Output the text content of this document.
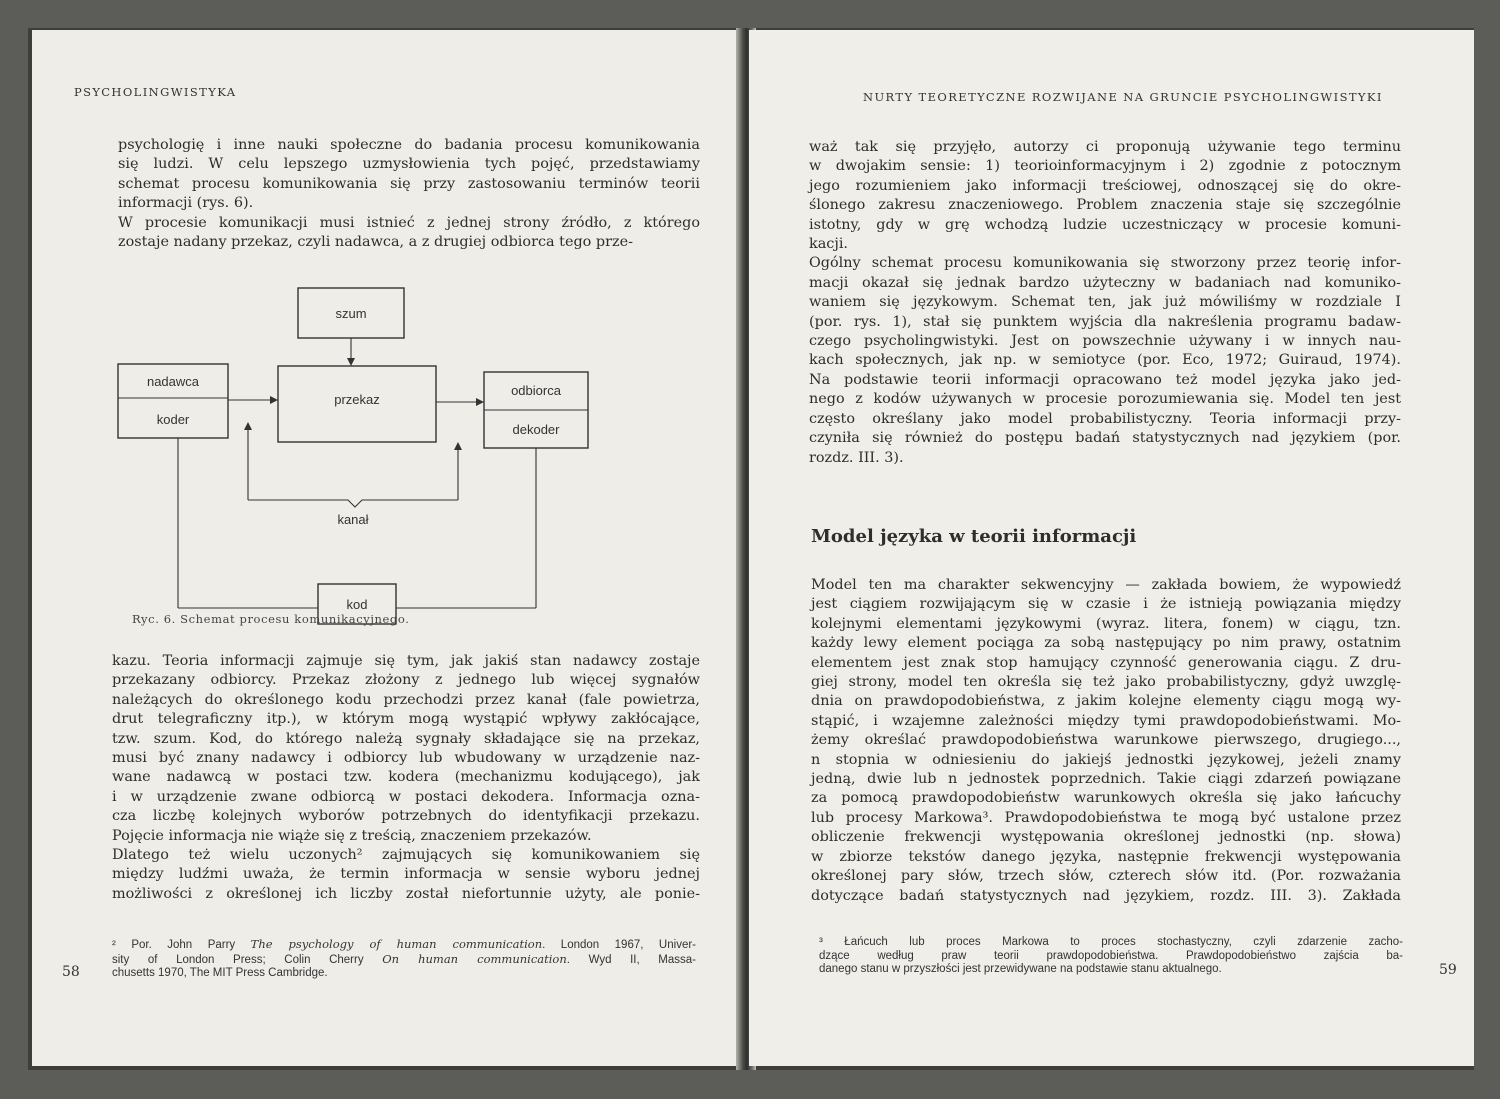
PSYCHOLINGWISTYKA
psychologię i inne nauki społeczne do badania procesu komunikowania
się ludzi. W celu lepszego uzmysłowienia tych pojęć, przedstawiamy
schemat procesu komunikowania się przy zastosowaniu terminów teorii
informacji (rys. 6).
W procesie komunikacji musi istnieć z jednej strony źródło, z którego
zostaje nadany przekaz, czyli nadawca, a z drugiej odbiorca tego prze-
szum
nadawca
koder
przekaz
odbiorca
dekoder
kanał
kod
Ryc. 6. Schemat procesu komunikacyjnego.
kazu. Teoria informacji zajmuje się tym, jak jakiś stan nadawcy zostaje
przekazany odbiorcy. Przekaz złożony z jednego lub więcej sygnałów
należących do określonego kodu przechodzi przez kanał (fale powietrza,
drut telegraficzny itp.), w którym mogą wystąpić wpływy zakłócające,
tzw. szum. Kod, do którego należą sygnały składające się na przekaz,
musi być znany nadawcy i odbiorcy lub wbudowany w urządzenie naz-
wane nadawcą w postaci tzw. kodera (mechanizmu kodującego), jak
i w urządzenie zwane odbiorcą w postaci dekodera. Informacja ozna-
cza liczbę kolejnych wyborów potrzebnych do identyfikacji przekazu.
Pojęcie informacja nie wiąże się z treścią, znaczeniem przekazów.
Dlatego też wielu uczonych² zajmujących się komunikowaniem się
między ludźmi uważa, że termin informacja w sensie wyboru jednej
możliwości z określonej ich liczby został niefortunnie użyty, ale ponie-
² Por. John Parry The psychology of human communication. London 1967, Univer-
sity of London Press; Colin Cherry On human communication. Wyd II, Massa-
chusetts 1970, The MIT Press Cambridge.
58
NURTY TEORETYCZNE ROZWIJANE NA GRUNCIE PSYCHOLINGWISTYKI
waż tak się przyjęło, autorzy ci proponują używanie tego terminu
w dwojakim sensie: 1) teorioinformacyjnym i 2) zgodnie z potocznym
jego rozumieniem jako informacji treściowej, odnoszącej się do okre-
ślonego zakresu znaczeniowego. Problem znaczenia staje się szczególnie
istotny, gdy w grę wchodzą ludzie uczestniczący w procesie komuni-
kacji.
Ogólny schemat procesu komunikowania się stworzony przez teorię infor-
macji okazał się jednak bardzo użyteczny w badaniach nad komuniko-
waniem się językowym. Schemat ten, jak już mówiliśmy w rozdziale I
(por. rys. 1), stał się punktem wyjścia dla nakreślenia programu badaw-
czego psycholingwistyki. Jest on powszechnie używany i w innych nau-
kach społecznych, jak np. w semiotyce (por. Eco, 1972; Guiraud, 1974).
Na podstawie teorii informacji opracowano też model języka jako jed-
nego z kodów używanych w procesie porozumiewania się. Model ten jest
często określany jako model probabilistyczny. Teoria informacji przy-
czyniła się również do postępu badań statystycznych nad językiem (por.
rozdz. III. 3).
Model języka w teorii informacji
Model ten ma charakter sekwencyjny — zakłada bowiem, że wypowiedź
jest ciągiem rozwijającym się w czasie i że istnieją powiązania między
kolejnymi elementami językowymi (wyraz. litera, fonem) w ciągu, tzn.
każdy lewy element pociąga za sobą następujący po nim prawy, ostatnim
elementem jest znak stop hamujący czynność generowania ciągu. Z dru-
giej strony, model ten określa się też jako probabilistyczny, gdyż uwzglę-
dnia on prawdopodobieństwa, z jakim kolejne elementy ciągu mogą wy-
stąpić, i wzajemne zależności między tymi prawdopodobieństwami. Mo-
żemy określać prawdopodobieństwa warunkowe pierwszego, drugiego...,
n stopnia w odniesieniu do jakiejś jednostki językowej, jeżeli znamy
jedną, dwie lub n jednostek poprzednich. Takie ciągi zdarzeń powiązane
za pomocą prawdopodobieństw warunkowych określa się jako łańcuchy
lub procesy Markowa³. Prawdopodobieństwa te mogą być ustalone przez
obliczenie frekwencji występowania określonej jednostki (np. słowa)
w zbiorze tekstów danego języka, następnie frekwencji występowania
określonej pary słów, trzech słów, czterech słów itd. (Por. rozważania
dotyczące badań statystycznych nad językiem, rozdz. III. 3). Zakłada
³ Łańcuch lub proces Markowa to proces stochastyczny, czyli zdarzenie zacho-
dzące według praw teorii prawdopodobieństwa. Prawdopodobieństwo zajścia ba-
danego stanu w przyszłości jest przewidywane na podstawie stanu aktualnego.	59
